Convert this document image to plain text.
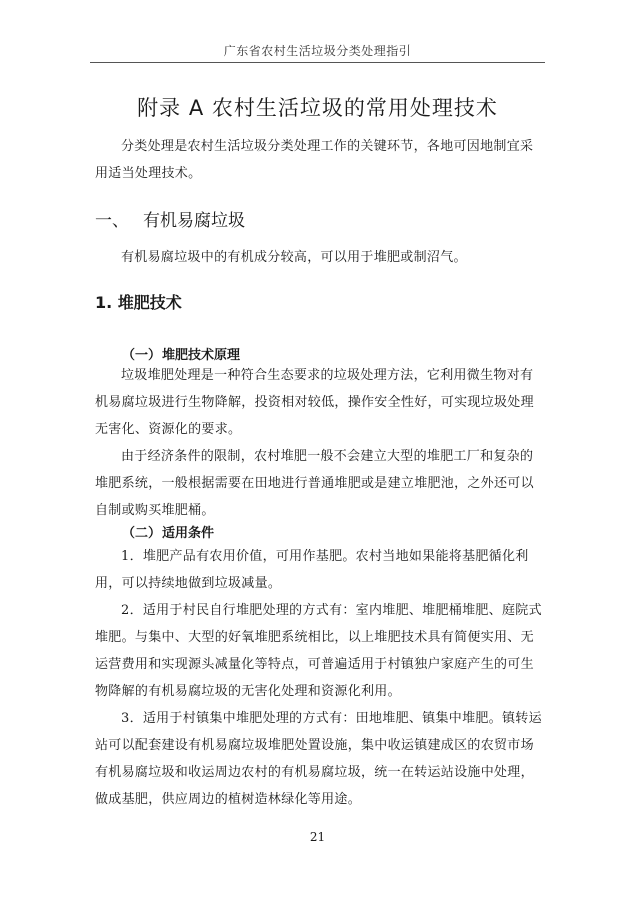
广东省农村生活垃圾分类处理指引
附录 A 农村生活垃圾的常用处理技术

分类处理是农村生活垃圾分类处理工作的关键环节，各地可因地制宜采用适当处理技术。

一、 有机易腐垃圾

有机易腐垃圾中的有机成分较高，可以用于堆肥或制沼气。

1. 堆肥技术
（一）堆肥技术原理

垃圾堆肥处理是一种符合生态要求的垃圾处理方法，它利用微生物对有机易腐垃圾进行生物降解，投资相对较低，操作安全性好，可实现垃圾处理无害化、资源化的要求。

由于经济条件的限制，农村堆肥一般不会建立大型的堆肥工厂和复杂的堆肥系统，一般根据需要在田地进行普通堆肥或是建立堆肥池，之外还可以自制或购买堆肥桶。

（二）适用条件

1．堆肥产品有农用价值，可用作基肥。农村当地如果能将基肥循化利用，可以持续地做到垃圾减量。

2．适用于村民自行堆肥处理的方式有：室内堆肥、堆肥桶堆肥、庭院式堆肥。与集中、大型的好氧堆肥系统相比，以上堆肥技术具有简便实用、无运营费用和实现源头减量化等特点，可普遍适用于村镇独户家庭产生的可生物降解的有机易腐垃圾的无害化处理和资源化利用。

3．适用于村镇集中堆肥处理的方式有：田地堆肥、镇集中堆肥。镇转运站可以配套建设有机易腐垃圾堆肥处置设施，集中收运镇建成区的农贸市场有机易腐垃圾和收运周边农村的有机易腐垃圾，统一在转运站设施中处理，做成基肥，供应周边的植树造林绿化等用途。

21
